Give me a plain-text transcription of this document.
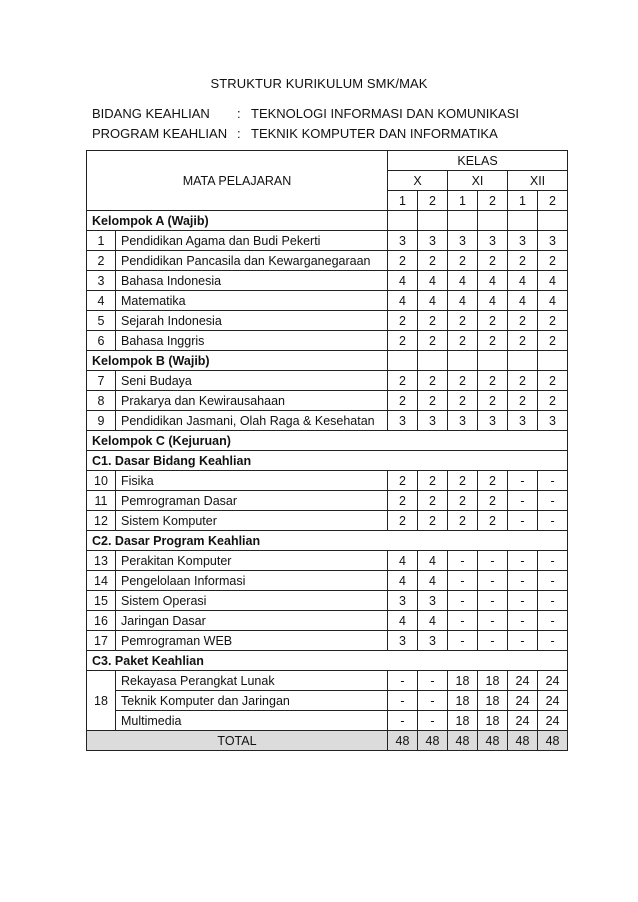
STRUKTUR KURIKULUM SMK/MAK
BIDANG KEAHLIAN : TEKNOLOGI INFORMASI DAN KOMUNIKASI
PROGRAM KEAHLIAN : TEKNIK KOMPUTER DAN INFORMATIKA
MATA PELAJARAN		KELAS					
		X		XI		XII	
		1	2	1	2	1	2
Kelompok A (Wajib)							
1	Pendidikan Agama dan Budi Pekerti	3	3	3	3	3	3
2	Pendidikan Pancasila dan Kewarganegaraan	2	2	2	2	2	2
3	Bahasa Indonesia	4	4	4	4	4	4
4	Matematika	4	4	4	4	4	4
5	Sejarah Indonesia	2	2	2	2	2	2
6	Bahasa Inggris	2	2	2	2	2	2
Kelompok B (Wajib)							
7	Seni Budaya	2	2	2	2	2	2
8	Prakarya dan Kewirausahaan	2	2	2	2	2	2
9	Pendidikan Jasmani, Olah Raga & Kesehatan	3	3	3	3	3	3
Kelompok C (Kejuruan)							
C1. Dasar Bidang Keahlian							
10	Fisika	2	2	2	2	-	-
11	Pemrograman Dasar	2	2	2	2	-	-
12	Sistem Komputer	2	2	2	2	-	-
C2. Dasar Program Keahlian							
13	Perakitan Komputer	4	4	-	-	-	-
14	Pengelolaan Informasi	4	4	-	-	-	-
15	Sistem Operasi	3	3	-	-	-	-
16	Jaringan Dasar	4	4	-	-	-	-
17	Pemrograman WEB	3	3	-	-	-	-
C3. Paket Keahlian							
18	Rekayasa Perangkat Lunak	-	-	18	18	24	24
	Teknik Komputer dan Jaringan	-	-	18	18	24	24
	Multimedia	-	-	18	18	24	24
TOTAL		48	48	48	48	48	48
